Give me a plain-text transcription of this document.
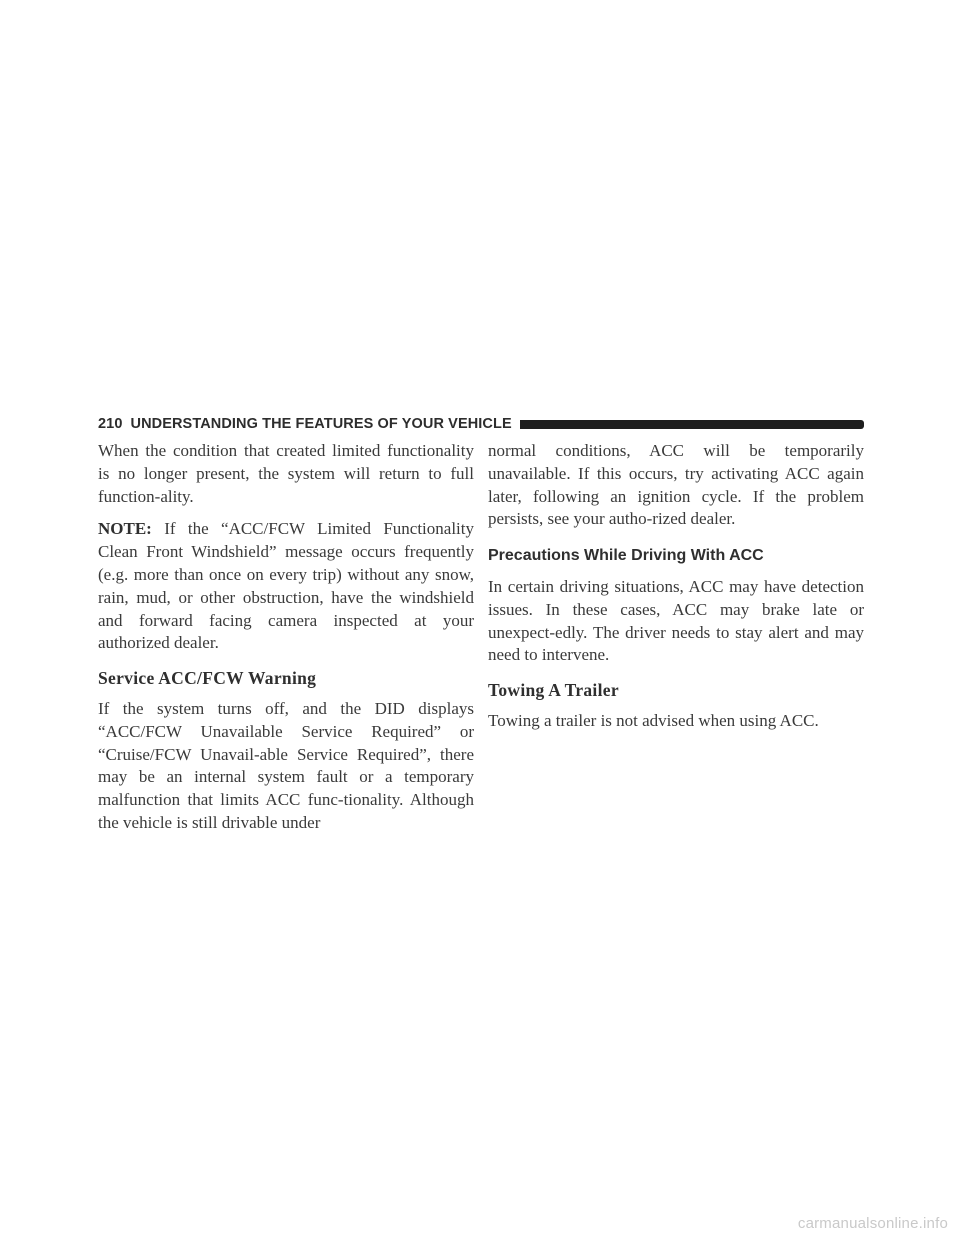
210 UNDERSTANDING THE FEATURES OF YOUR VEHICLE

When the condition that created limited functionality is no longer present, the system will return to full function-ality.

NOTE: If the “ACC/FCW Limited Functionality Clean Front Windshield” message occurs frequently (e.g. more than once on every trip) without any snow, rain, mud, or other obstruction, have the windshield and forward facing camera inspected at your authorized dealer.

Service ACC/FCW Warning

If the system turns off, and the DID displays “ACC/FCW Unavailable Service Required” or “Cruise/FCW Unavail-able Service Required”, there may be an internal system fault or a temporary malfunction that limits ACC func-tionality. Although the vehicle is still drivable under

normal conditions, ACC will be temporarily unavailable. If this occurs, try activating ACC again later, following an ignition cycle. If the problem persists, see your autho-rized dealer.

Precautions While Driving With ACC

In certain driving situations, ACC may have detection issues. In these cases, ACC may brake late or unexpect-edly. The driver needs to stay alert and may need to intervene.

Towing A Trailer

Towing a trailer is not advised when using ACC.

carmanualsonline.info
